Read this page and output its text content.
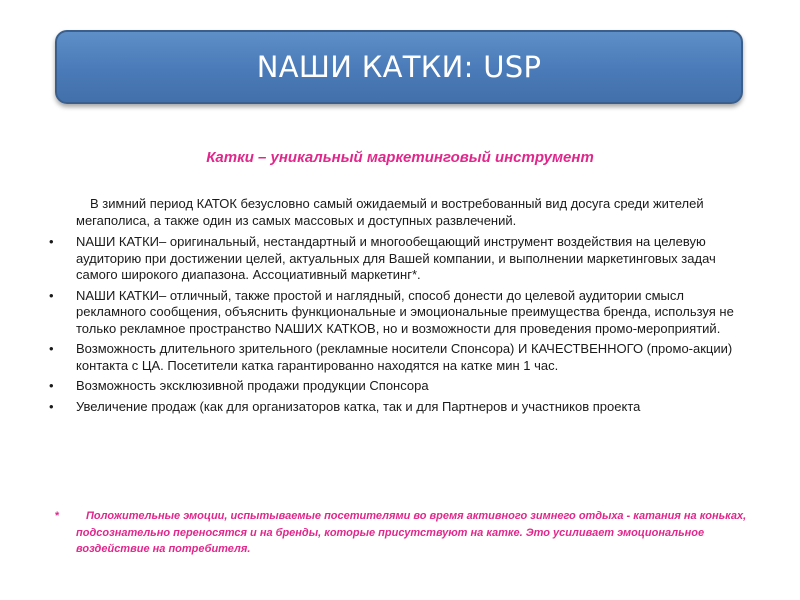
NАШИ КАТКИ: USP
Катки – уникальный маркетинговый инструмент
В зимний период КАТОК безусловно самый ожидаемый и востребованный вид досуга среди жителей мегаполиса, а также один из самых массовых и доступных развлечений.
• NАШИ КАТКИ– оригинальный, нестандартный и многообещающий инструмент воздействия на целевую аудиторию при достижении целей, актуальных для Вашей компании, и выполнении маркетинговых задач самого широкого диапазона. Ассоциативный маркетинг*.
• NАШИ КАТКИ– отличный, также простой и наглядный, способ донести до целевой аудитории смысл рекламного сообщения, объяснить функциональные и эмоциональные преимущества бренда, используя не только рекламное пространство NАШИХ КАТКОВ, но и возможности для проведения промо-мероприятий.
• Возможность длительного зрительного (рекламные носители Спонсора) И КАЧЕСТВЕННОГО (промо-акции) контакта с ЦА. Посетители катка гарантированно находятся на катке мин 1 час.
• Возможность эксклюзивной продажи продукции Спонсора
• Увеличение продаж (как для организаторов катка, так и для Партнеров и участников проекта
* Положительные эмоции, испытываемые посетителями во время активного зимнего отдыха - катания на коньках, подсознательно переносятся и на бренды, которые присутствуют на катке. Это усиливает эмоциональное воздействие на потребителя.
